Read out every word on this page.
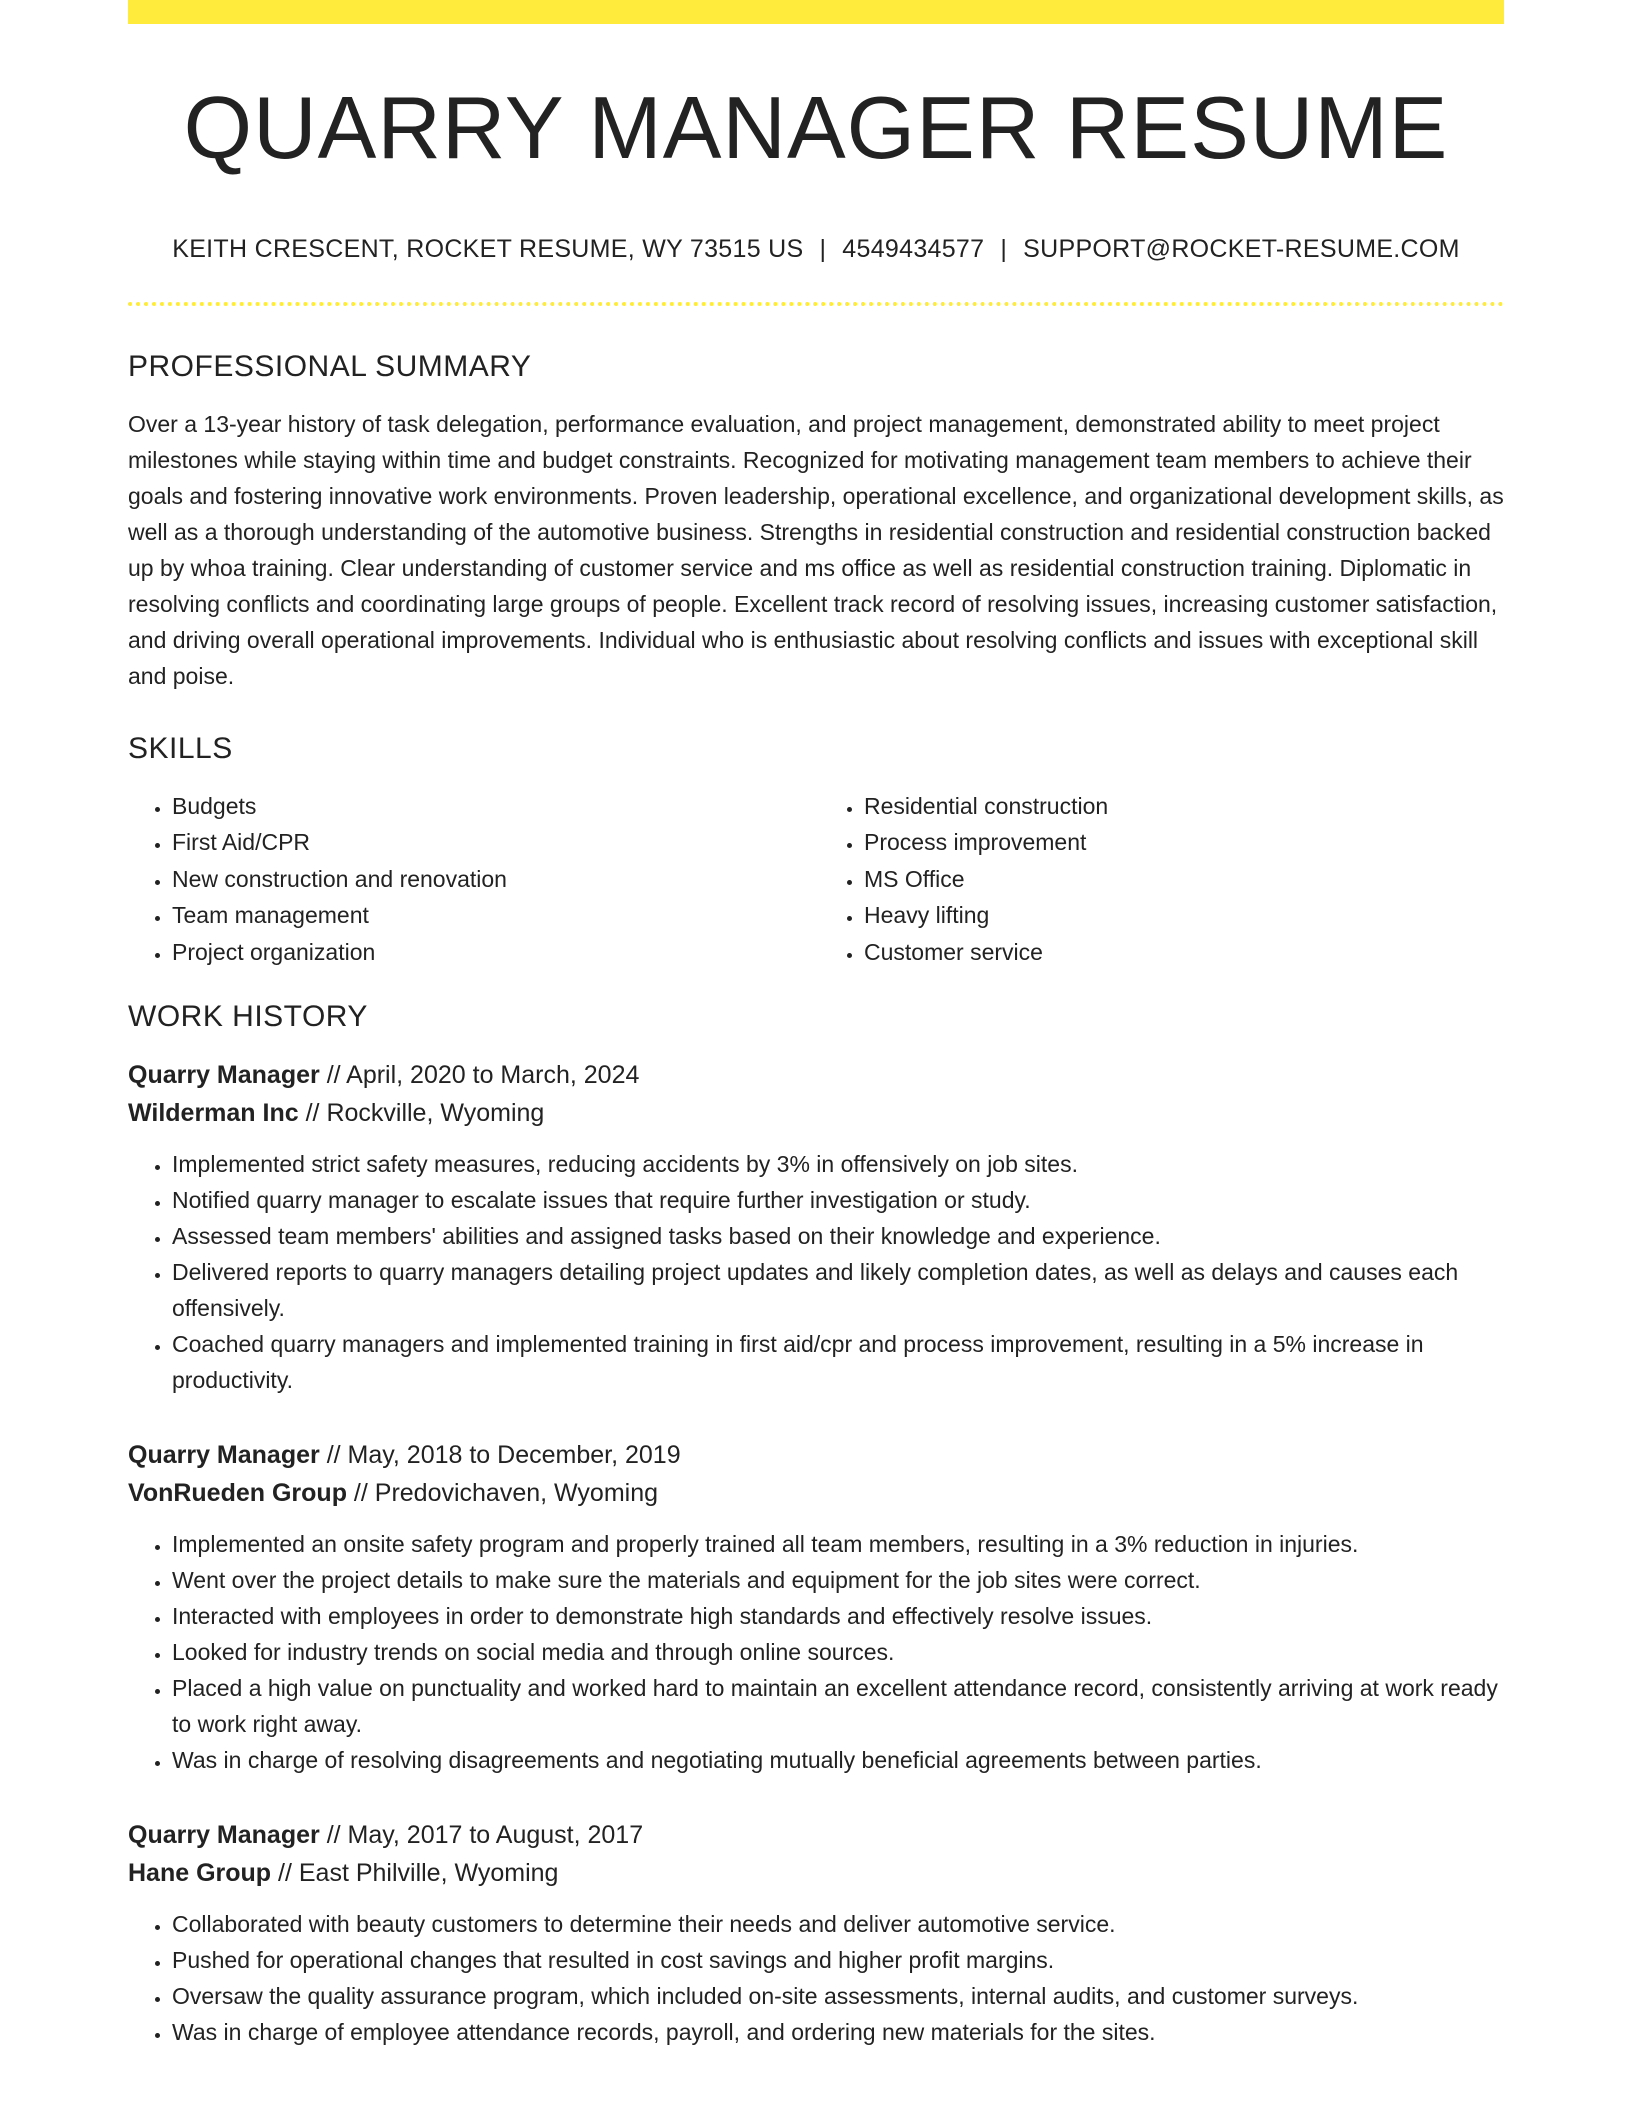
QUARRY MANAGER RESUME
KEITH CRESCENT, ROCKET RESUME, WY 73515 US | 4549434577 | SUPPORT@ROCKET-RESUME.COM
PROFESSIONAL SUMMARY

Over a 13-year history of task delegation, performance evaluation, and project management, demonstrated ability to meet project milestones while staying within time and budget constraints. Recognized for motivating management team members to achieve their goals and fostering innovative work environments. Proven leadership, operational excellence, and organizational development skills, as well as a thorough understanding of the automotive business. Strengths in residential construction and residential construction backed up by whoa training. Clear understanding of customer service and ms office as well as residential construction training. Diplomatic in resolving conflicts and coordinating large groups of people. Excellent track record of resolving issues, increasing customer satisfaction, and driving overall operational improvements. Individual who is enthusiastic about resolving conflicts and issues with exceptional skill and poise.

SKILLS
• Budgets
• First Aid/CPR
• New construction and renovation
• Team management
• Project organization
• Residential construction
• Process improvement
• MS Office
• Heavy lifting
• Customer service
WORK HISTORY
Quarry Manager // April, 2020 to March, 2024
Wilderman Inc // Rockville, Wyoming
• Implemented strict safety measures, reducing accidents by 3% in offensively on job sites.
• Notified quarry manager to escalate issues that require further investigation or study.
• Assessed team members' abilities and assigned tasks based on their knowledge and experience.
• Delivered reports to quarry managers detailing project updates and likely completion dates, as well as delays and causes each offensively.
• Coached quarry managers and implemented training in first aid/cpr and process improvement, resulting in a 5% increase in productivity.
Quarry Manager // May, 2018 to December, 2019
VonRueden Group // Predovichaven, Wyoming
• Implemented an onsite safety program and properly trained all team members, resulting in a 3% reduction in injuries.
• Went over the project details to make sure the materials and equipment for the job sites were correct.
• Interacted with employees in order to demonstrate high standards and effectively resolve issues.
• Looked for industry trends on social media and through online sources.
• Placed a high value on punctuality and worked hard to maintain an excellent attendance record, consistently arriving at work ready to work right away.
• Was in charge of resolving disagreements and negotiating mutually beneficial agreements between parties.
Quarry Manager // May, 2017 to August, 2017
Hane Group // East Philville, Wyoming
• Collaborated with beauty customers to determine their needs and deliver automotive service.
• Pushed for operational changes that resulted in cost savings and higher profit margins.
• Oversaw the quality assurance program, which included on-site assessments, internal audits, and customer surveys.
• Was in charge of employee attendance records, payroll, and ordering new materials for the sites.
